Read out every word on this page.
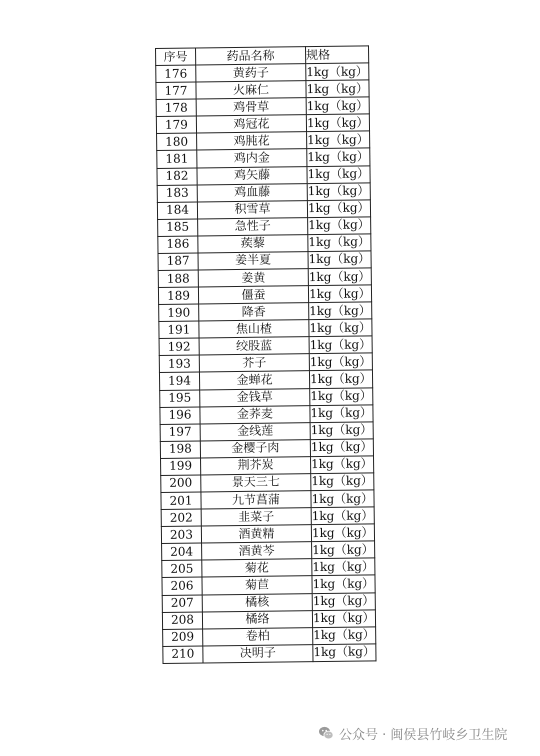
序号	药品名称	规格
176	黄药子	1kg（kg）
177	火麻仁	1kg（kg）
178	鸡骨草	1kg（kg）
179	鸡冠花	1kg（kg）
180	鸡肫花	1kg（kg）
181	鸡内金	1kg（kg）
182	鸡矢藤	1kg（kg）
183	鸡血藤	1kg（kg）
184	积雪草	1kg（kg）
185	急性子	1kg（kg）
186	蒺藜	1kg（kg）
187	姜半夏	1kg（kg）
188	姜黄	1kg（kg）
189	僵蚕	1kg（kg）
190	降香	1kg（kg）
191	焦山楂	1kg（kg）
192	绞股蓝	1kg（kg）
193	芥子	1kg（kg）
194	金蝉花	1kg（kg）
195	金钱草	1kg（kg）
196	金荞麦	1kg（kg）
197	金线莲	1kg（kg）
198	金樱子肉	1kg（kg）
199	荆芥炭	1kg（kg）
200	景天三七	1kg（kg）
201	九节菖蒲	1kg（kg）
202	韭菜子	1kg（kg）
203	酒黄精	1kg（kg）
204	酒黄芩	1kg（kg）
205	菊花	1kg（kg）
206	菊苣	1kg（kg）
207	橘核	1kg（kg）
208	橘络	1kg（kg）
209	卷柏	1kg（kg）
210	决明子	1kg（kg）
公众号 · 闽侯县竹岐乡卫生院
